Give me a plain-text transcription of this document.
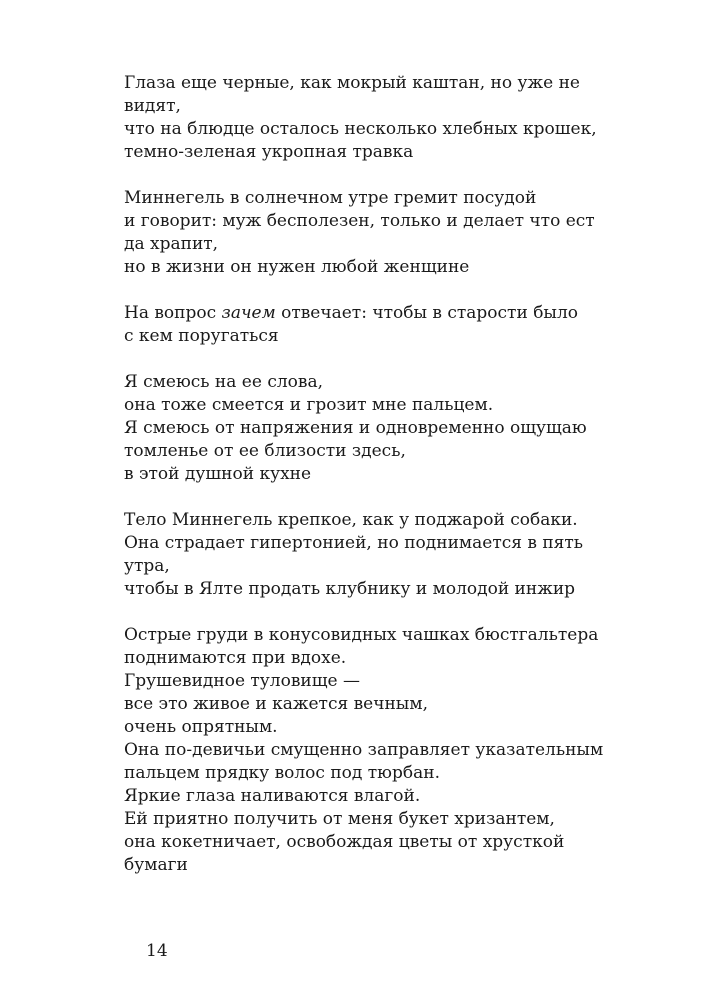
Глаза еще черные, как мокрый каштан, но уже не
видят,
что на блюдце осталось несколько хлебных крошек,
темно-зеленая укропная травка
Миннегель в солнечном утре гремит посудой
и говорит: муж бесполезен, только и делает что ест
да храпит,
но в жизни он нужен любой женщине
На вопрос зачем отвечает: чтобы в старости было
с кем поругаться
Я смеюсь на ее слова,
она тоже смеется и грозит мне пальцем.
Я смеюсь от напряжения и одновременно ощущаю
томленье от ее близости здесь,
в этой душной кухне
Тело Миннегель крепкое, как у поджарой собаки.
Она страдает гипертонией, но поднимается в пять
утра,
чтобы в Ялте продать клубнику и молодой инжир
Острые груди в конусовидных чашках бюстгальтера
поднимаются при вдохе.
Грушевидное туловище —
все это живое и кажется вечным,
очень опрятным.
Она по-девичьи смущенно заправляет указательным
пальцем прядку волос под тюрбан.
Яркие глаза наливаются влагой.
Ей приятно получить от меня букет хризантем,
она кокетничает, освобождая цветы от хрусткой
бумаги
14
